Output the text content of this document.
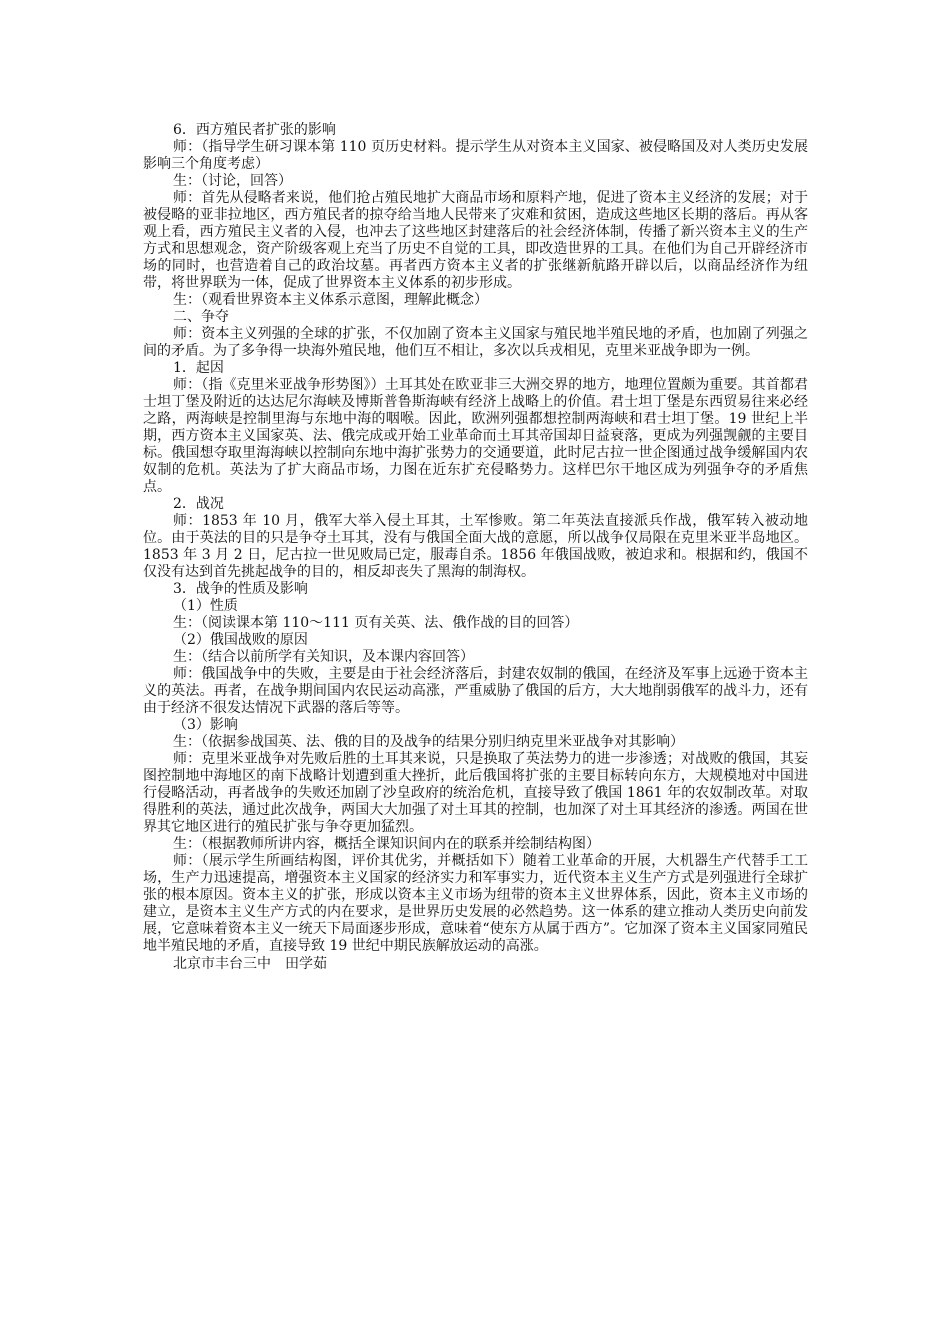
6．西方殖民者扩张的影响

师：（指导学生研习课本第 110 页历史材料。提示学生从对资本主义国家、被侵略国及对人类历史发展影响三个角度考虑）

生：（讨论，回答）

师：首先从侵略者来说，他们抢占殖民地扩大商品市场和原料产地，促进了资本主义经济的发展；对于被侵略的亚非拉地区，西方殖民者的掠夺给当地人民带来了灾难和贫困，造成这些地区长期的落后。再从客观上看，西方殖民主义者的入侵，也冲去了这些地区封建落后的社会经济体制，传播了新兴资本主义的生产方式和思想观念，资产阶级客观上充当了历史不自觉的工具，即改造世界的工具。在他们为自己开辟经济市场的同时，也营造着自己的政治坟墓。再者西方资本主义者的扩张继新航路开辟以后，以商品经济作为纽带，将世界联为一体，促成了世界资本主义体系的初步形成。

生：（观看世界资本主义体系示意图，理解此概念）

二、争夺

师：资本主义列强的全球的扩张，不仅加剧了资本主义国家与殖民地半殖民地的矛盾，也加剧了列强之间的矛盾。为了多争得一块海外殖民地，他们互不相让，多次以兵戎相见，克里米亚战争即为一例。

1．起因

师：（指《克里米亚战争形势图》）土耳其处在欧亚非三大洲交界的地方，地理位置颇为重要。其首都君士坦丁堡及附近的达达尼尔海峡及博斯普鲁斯海峡有经济上战略上的价值。君士坦丁堡是东西贸易往来必经之路，两海峡是控制里海与东地中海的咽喉。因此，欧洲列强都想控制两海峡和君士坦丁堡。19 世纪上半期，西方资本主义国家英、法、俄完成或开始工业革命而土耳其帝国却日益衰落，更成为列强觊觎的主要目标。俄国想夺取里海海峡以控制向东地中海扩张势力的交通要道，此时尼古拉一世企图通过战争缓解国内农奴制的危机。英法为了扩大商品市场，力图在近东扩充侵略势力。这样巴尔干地区成为列强争夺的矛盾焦点。

2．战况

师：1853 年 10 月，俄军大举入侵土耳其，土军惨败。第二年英法直接派兵作战，俄军转入被动地位。由于英法的目的只是争夺土耳其，没有与俄国全面大战的意愿，所以战争仅局限在克里米亚半岛地区。1853 年 3 月 2 日，尼古拉一世见败局已定，服毒自杀。1856 年俄国战败，被迫求和。根据和约，俄国不仅没有达到首先挑起战争的目的，相反却丧失了黑海的制海权。

3．战争的性质及影响

（1）性质

生：（阅读课本第 110～111 页有关英、法、俄作战的目的回答）

（2）俄国战败的原因

生：（结合以前所学有关知识，及本课内容回答）

师：俄国战争中的失败，主要是由于社会经济落后，封建农奴制的俄国，在经济及军事上远逊于资本主义的英法。再者，在战争期间国内农民运动高涨，严重威胁了俄国的后方，大大地削弱俄军的战斗力，还有由于经济不很发达情况下武器的落后等等。

（3）影响

生：（依据参战国英、法、俄的目的及战争的结果分别归纳克里米亚战争对其影响）

师：克里米亚战争对先败后胜的土耳其来说，只是换取了英法势力的进一步渗透；对战败的俄国，其妄图控制地中海地区的南下战略计划遭到重大挫折，此后俄国将扩张的主要目标转向东方，大规模地对中国进行侵略活动，再者战争的失败还加剧了沙皇政府的统治危机，直接导致了俄国 1861 年的农奴制改革。对取得胜利的英法，通过此次战争，两国大大加强了对土耳其的控制，也加深了对土耳其经济的渗透。两国在世界其它地区进行的殖民扩张与争夺更加猛烈。

生：（根据教师所讲内容，概括全课知识间内在的联系并绘制结构图）

师：（展示学生所画结构图，评价其优劣，并概括如下）随着工业革命的开展，大机器生产代替手工工场，生产力迅速提高，增强资本主义国家的经济实力和军事实力，近代资本主义生产方式是列强进行全球扩张的根本原因。资本主义的扩张，形成以资本主义市场为纽带的资本主义世界体系，因此，资本主义市场的建立，是资本主义生产方式的内在要求，是世界历史发展的必然趋势。这一体系的建立推动人类历史向前发展，它意味着资本主义一统天下局面逐步形成，意味着“使东方从属于西方”。它加深了资本主义国家同殖民地半殖民地的矛盾，直接导致 19 世纪中期民族解放运动的高涨。

北京市丰台三中　田学茹
